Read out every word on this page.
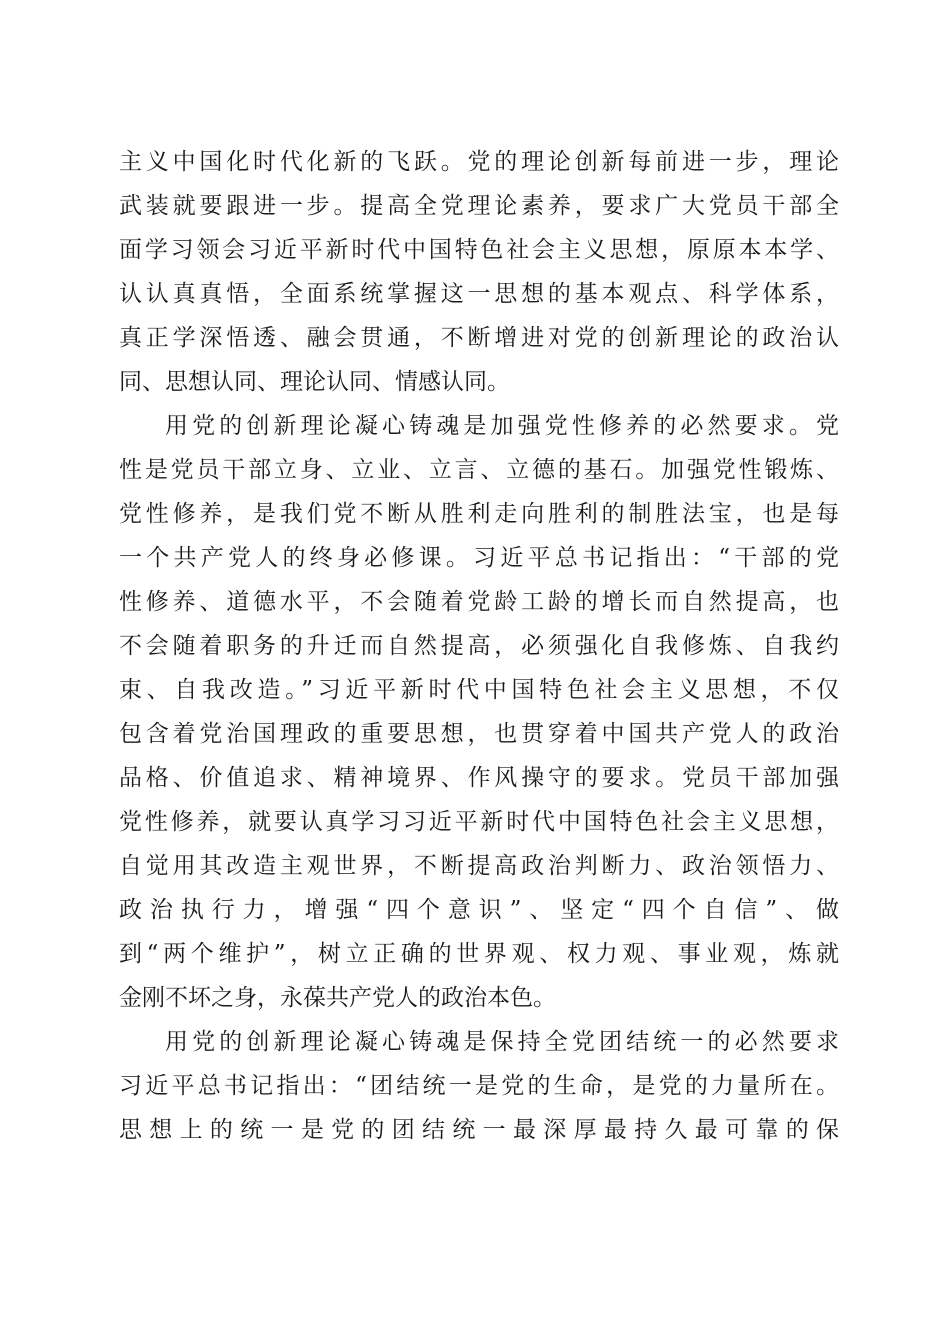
主义中国化时代化新的飞跃。党的理论创新每前进一步，理论
武装就要跟进一步。提高全党理论素养，要求广大党员干部全
面学习领会习近平新时代中国特色社会主义思想，原原本本学、
认认真真悟，全面系统掌握这一思想的基本观点、科学体系，
真正学深悟透、融会贯通，不断增进对党的创新理论的政治认
同、思想认同、理论认同、情感认同。
用党的创新理论凝心铸魂是加强党性修养的必然要求。党
性是党员干部立身、立业、立言、立德的基石。加强党性锻炼、
党性修养，是我们党不断从胜利走向胜利的制胜法宝，也是每
一个共产党人的终身必修课。习近平总书记指出：“干部的党
性修养、道德水平，不会随着党龄工龄的增长而自然提高，也
不会随着职务的升迁而自然提高，必须强化自我修炼、自我约
束、自我改造。”习近平新时代中国特色社会主义思想，不仅
包含着党治国理政的重要思想，也贯穿着中国共产党人的政治
品格、价值追求、精神境界、作风操守的要求。党员干部加强
党性修养，就要认真学习习近平新时代中国特色社会主义思想，
自觉用其改造主观世界，不断提高政治判断力、政治领悟力、
政治执行力，增强“四个意识”、坚定“四个自信”、做
到“两个维护”，树立正确的世界观、权力观、事业观，炼就
金刚不坏之身，永葆共产党人的政治本色。
用党的创新理论凝心铸魂是保持全党团结统一的必然要求
习近平总书记指出：“团结统一是党的生命，是党的力量所在。
思想上的统一是党的团结统一最深厚最持久最可靠的保
